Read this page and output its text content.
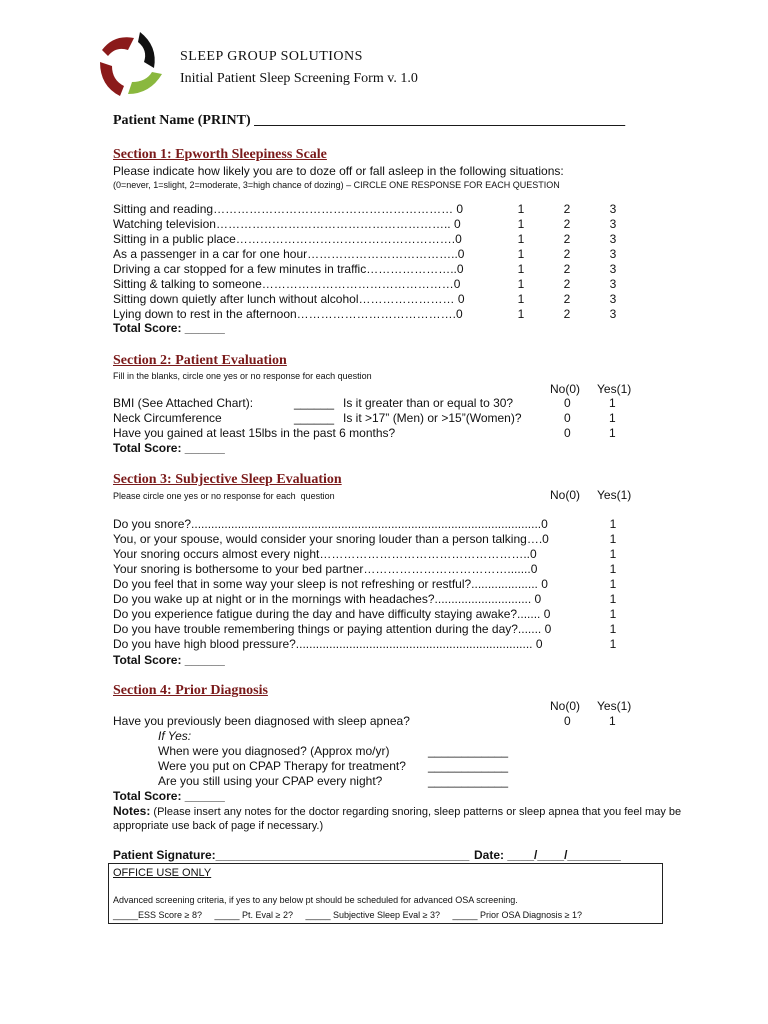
SLEEP GROUP SOLUTIONS
Initial Patient Sleep Screening Form v. 1.0
Patient Name (PRINT) _____________________________________________________
Section 1: Epworth Sleepiness Scale
Please indicate how likely you are to doze off or fall asleep in the following situations:
(0=never, 1=slight, 2=moderate, 3=high chance of dozing) – CIRCLE ONE RESPONSE FOR EACH QUESTION
Sitting and reading…………………………………………………… 0	1	2	3
Watching television………………………………………………….. 0	1	2	3
Sitting in a public place……………………………………………….0	1	2	3
As a passenger in a car for one hour………………………………..0	1	2	3
Driving a car stopped for a few minutes in traffic…………………..0	1	2	3
Sitting & talking to someone…………………………………………0	1	2	3
Sitting down quietly after lunch without alcohol…………………… 0	1	2	3
Lying down to rest in the afternoon………………………………….0	1	2	3
Total Score: ______
Section 2: Patient Evaluation
Fill in the blanks, circle one yes or no response for each question
No(0) Yes(1)
BMI (See Attached Chart):	______ Is it greater than or equal to 30?	0	1
Neck Circumference	______ Is it >17” (Men) or >15”(Women)?	0	1
Have you gained at least 15lbs in the past 6 months?	0	1
Total Score: ______
Section 3: Subjective Sleep Evaluation
Please circle one yes or no response for each  question	No(0) Yes(1)
Do you snore?.........................................................................................................0	1
You, or your spouse, would consider your snoring louder than a person talking….0	1
Your snoring occurs almost every night……………………………………………..0	1
Your snoring is bothersome to your bed partner……………………………….......0	1
Do you feel that in some way your sleep is not refreshing or restful?.................... 0	1
Do you wake up at night or in the mornings with headaches?............................. 0	1
Do you experience fatigue during the day and have difficulty staying awake?....... 0	1
Do you have trouble remembering things or paying attention during the day?....... 0	1
Do you have high blood pressure?....................................................................... 0	1
Total Score: ______
Section 4: Prior Diagnosis
No(0) Yes(1)
Have you previously been diagnosed with sleep apnea?	0	1
If Yes:
When were you diagnosed? (Approx mo/yr)	____________
Were you put on CPAP Therapy for treatment? ____________
Are you still using your CPAP every night?	____________
Total Score: ______
Notes: (Please insert any notes for the doctor regarding snoring, sleep patterns or sleep apnea that you feel may be
appropriate use back of page if necessary.)
Patient Signature:______________________________________ Date: ____/____/________
OFFICE USE ONLY
Advanced screening criteria, if yes to any below pt should be scheduled for advanced OSA screening.
_____ESS Score ≥ 8?     _____ Pt. Eval ≥ 2?     _____ Subjective Sleep Eval ≥ 3?     _____ Prior OSA Diagnosis ≥ 1?
